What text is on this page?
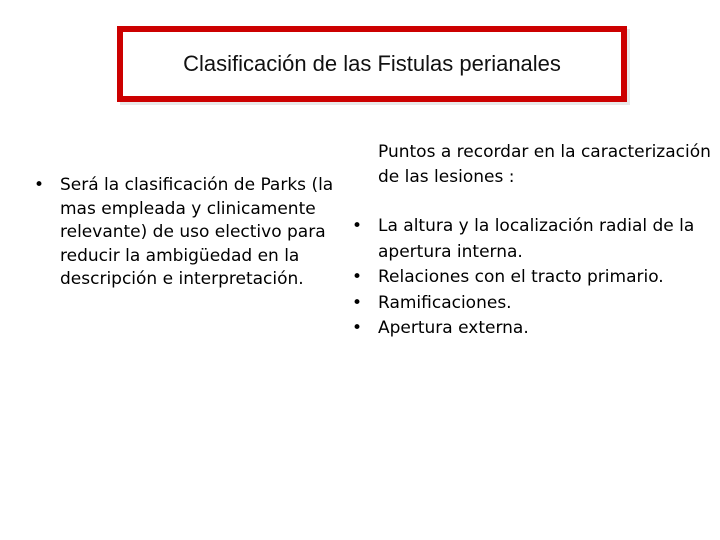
Clasificación de las Fistulas perianales
• Será la clasificación de Parks (la mas empleada y clinicamente relevante) de uso electivo para reducir la ambigüedad en la descripción e interpretación.

Puntos a recordar en la caracterización de las lesiones :

• La altura y la localización radial de la apertura interna.
• Relaciones con el tracto primario.
• Ramificaciones.
• Apertura externa.
